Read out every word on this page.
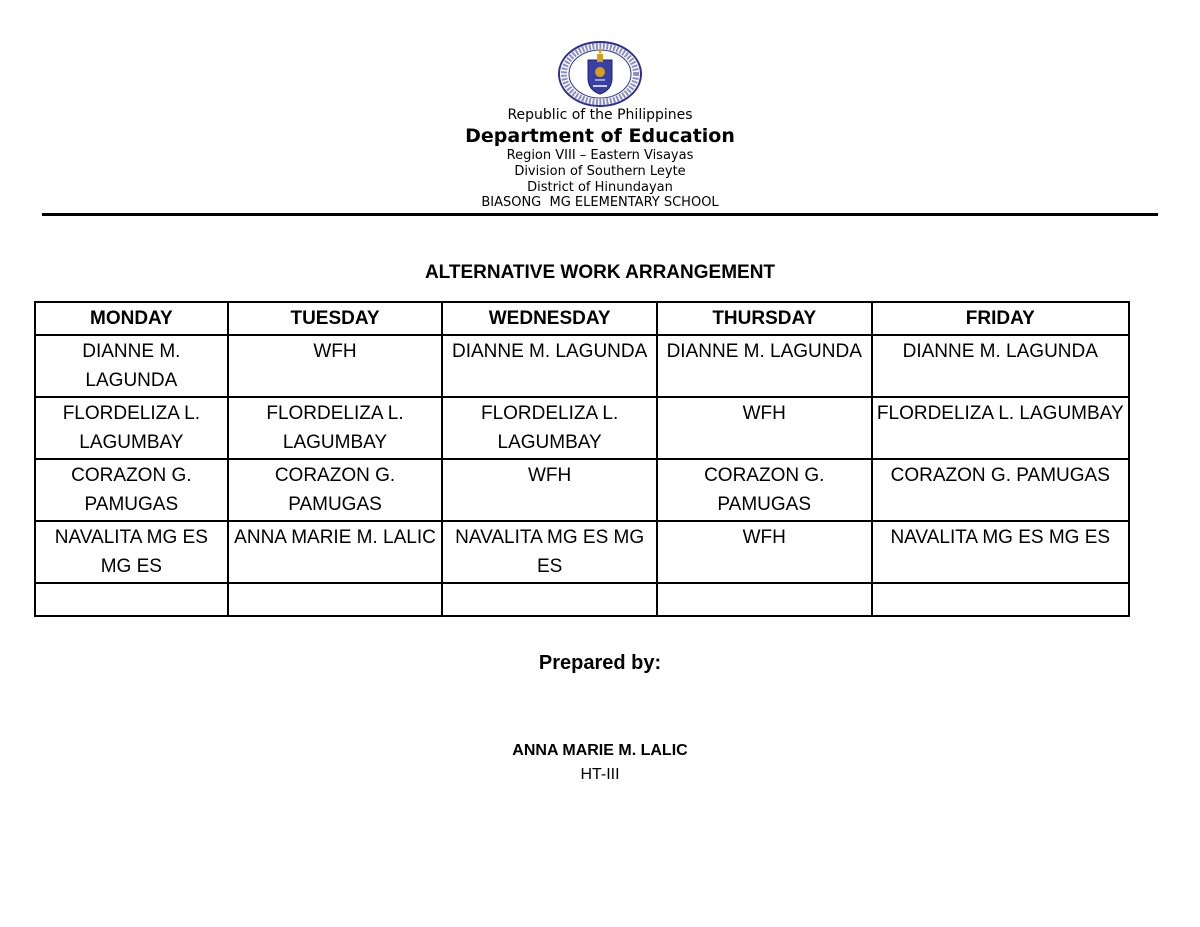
Republic of the Philippines
Department of Education
Region VIII – Eastern Visayas
Division of Southern Leyte
District of Hinundayan
BIASONG  MG ELEMENTARY SCHOOL
ALTERNATIVE WORK ARRANGEMENT
MONDAY	TUESDAY	WEDNESDAY	THURSDAY	FRIDAY
DIANNE M. LAGUNDA	WFH	DIANNE M. LAGUNDA	DIANNE M. LAGUNDA	DIANNE M. LAGUNDA
FLORDELIZA L. LAGUMBAY	FLORDELIZA L. LAGUMBAY	FLORDELIZA L. LAGUMBAY	WFH	FLORDELIZA L. LAGUMBAY
CORAZON G. PAMUGAS	CORAZON G. PAMUGAS	WFH	CORAZON G. PAMUGAS	CORAZON G. PAMUGAS
NAVALITA MG ES MG ES	ANNA MARIE M. LALIC	NAVALITA MG ES MG ES	WFH	NAVALITA MG ES MG ES

Prepared by:
ANNA MARIE M. LALIC
HT-III
